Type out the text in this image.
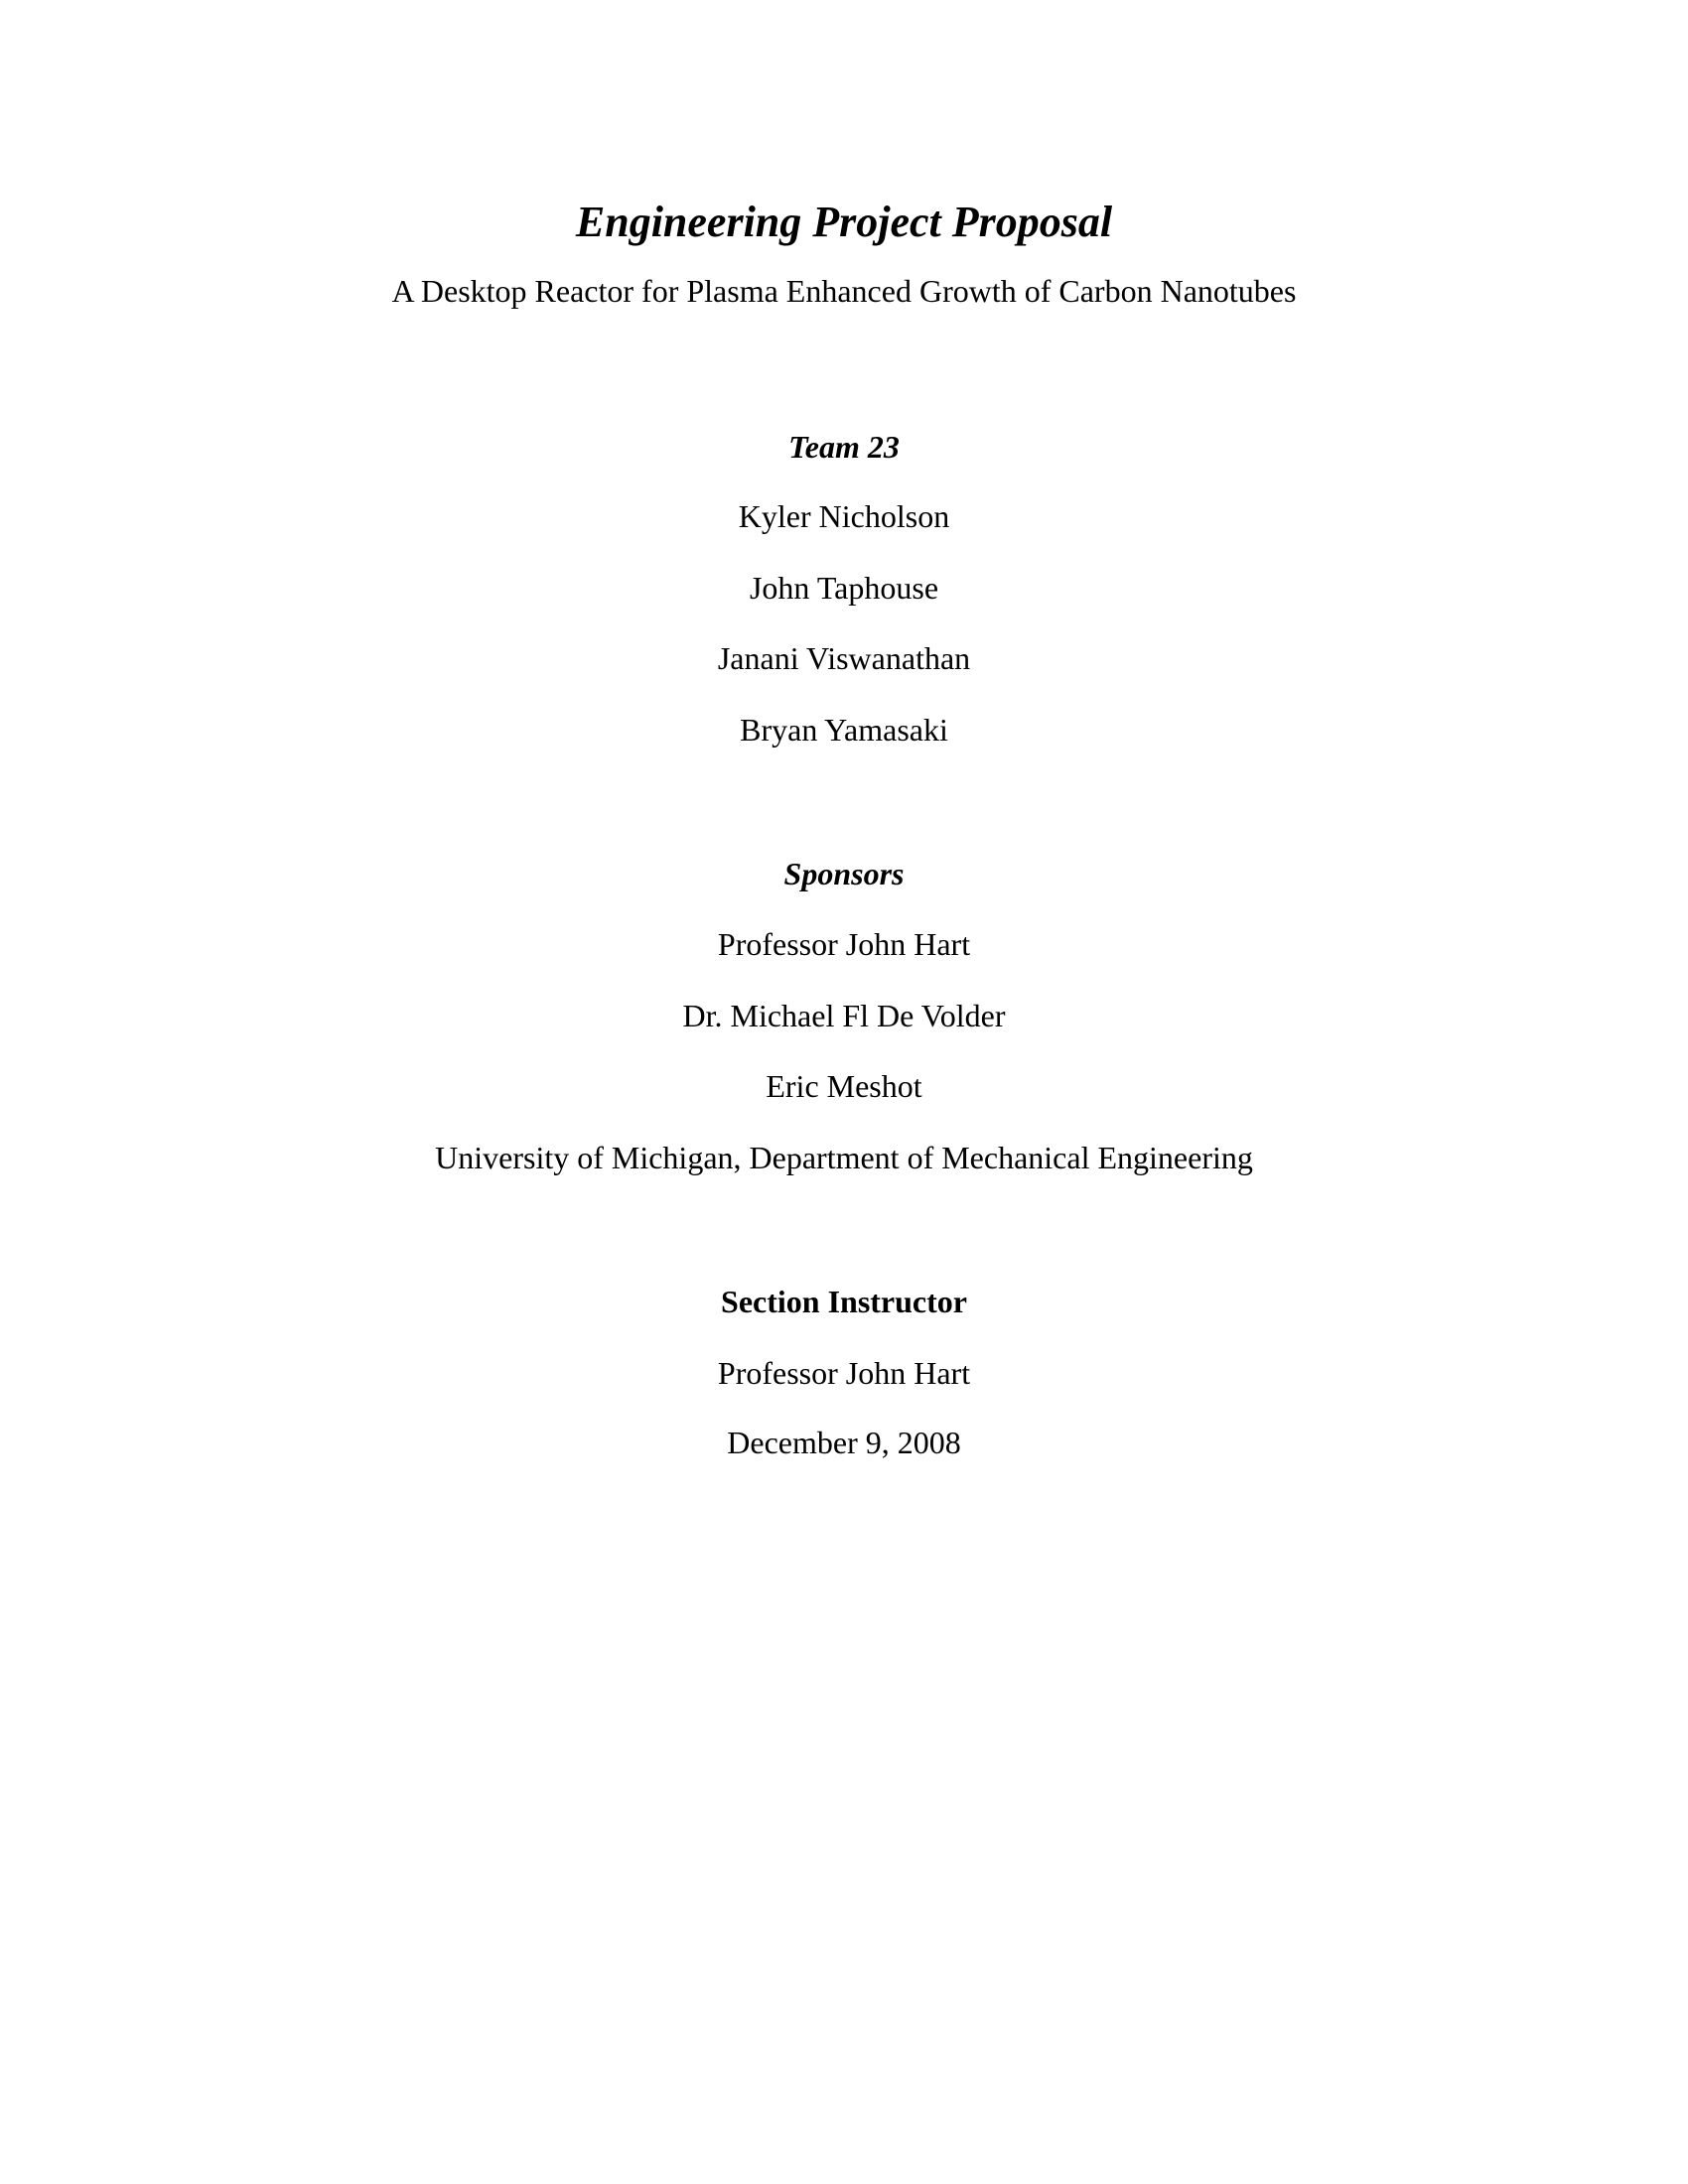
Engineering Project Proposal
A Desktop Reactor for Plasma Enhanced Growth of Carbon Nanotubes
Team 23
Kyler Nicholson
John Taphouse
Janani Viswanathan
Bryan Yamasaki
Sponsors
Professor John Hart
Dr. Michael Fl De Volder
Eric Meshot
University of Michigan, Department of Mechanical Engineering
Section Instructor
Professor John Hart
December 9, 2008
